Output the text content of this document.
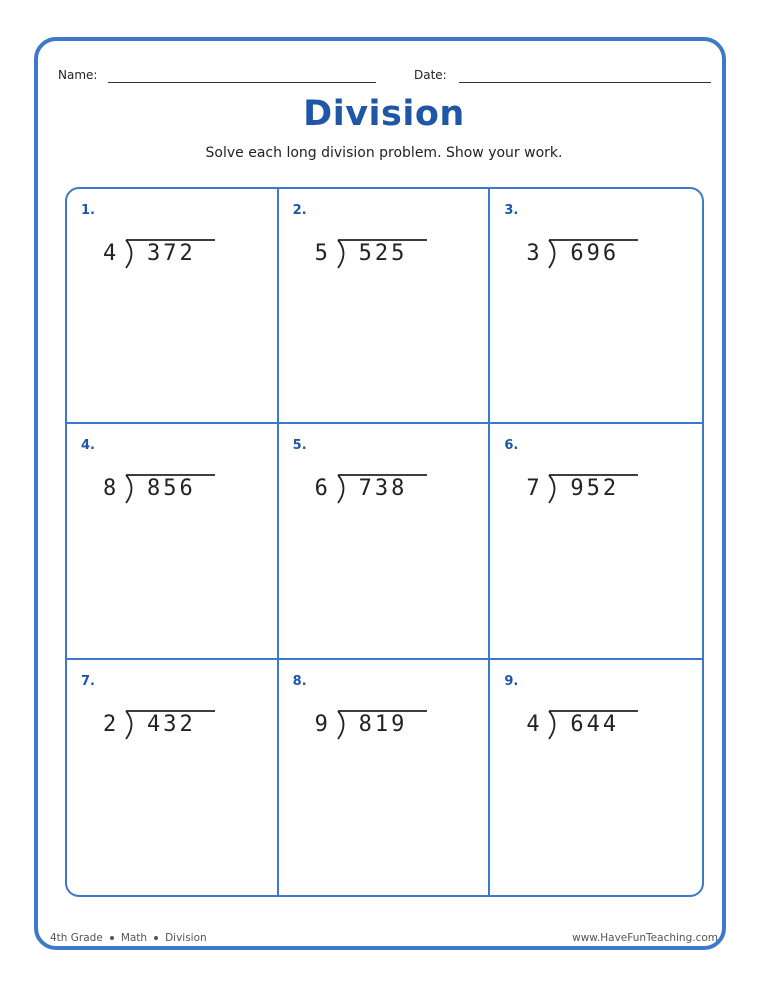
Name:	Date:
Division
Solve each long division problem. Show your work.
1.
4 372
2.
5 525
3.
3 696
4.
8 856
5.
6 738
6.
7 952
7.
2 432
8.
9 819
9.
4 644
4th Grade Math Division	www.HaveFunTeaching.com
